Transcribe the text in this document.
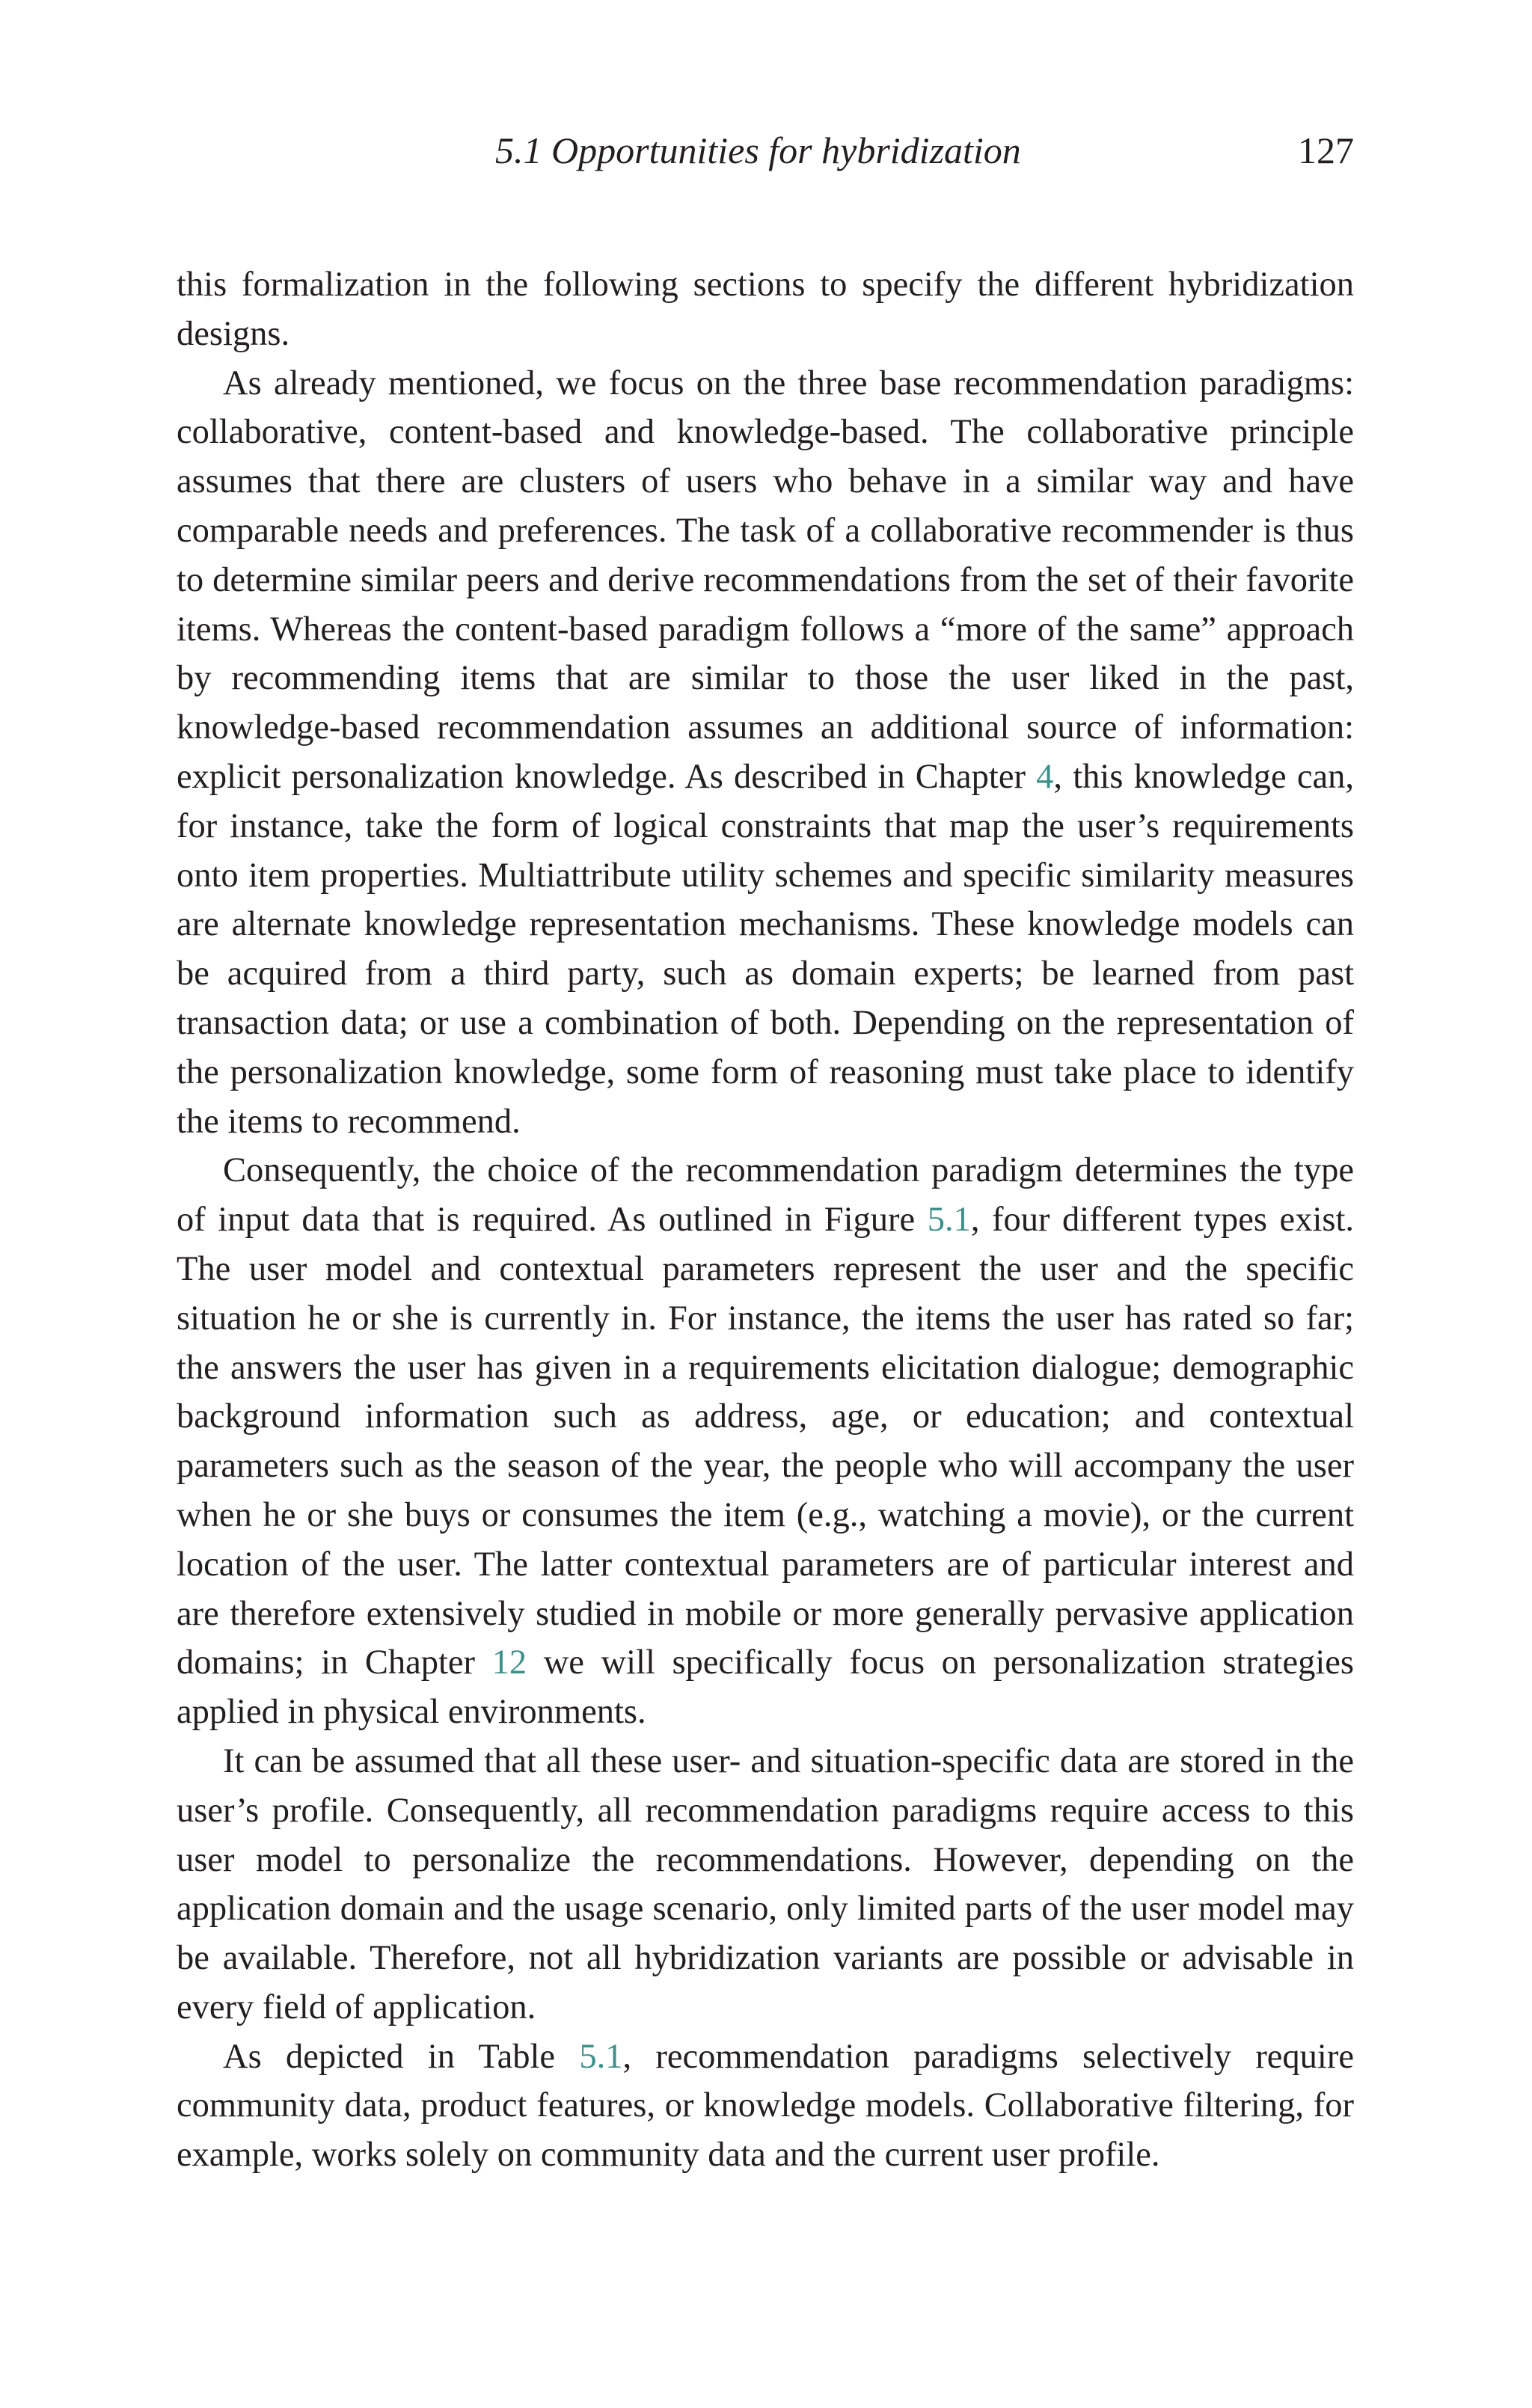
5.1 Opportunities for hybridization	127

this formalization in the following sections to specify the different hybridization designs.

As already mentioned, we focus on the three base recommendation paradigms: collaborative, content-based and knowledge-based. The collaborative principle assumes that there are clusters of users who behave in a similar way and have comparable needs and preferences. The task of a collaborative recommender is thus to determine similar peers and derive recommendations from the set of their favorite items. Whereas the content-based paradigm follows a “more of the same” approach by recommending items that are similar to those the user liked in the past, knowledge-based recommendation assumes an additional source of information: explicit personalization knowledge. As described in Chapter 4, this knowledge can, for instance, take the form of logical constraints that map the user’s requirements onto item properties. Multiattribute utility schemes and specific similarity measures are alternate knowledge representation mechanisms. These knowledge models can be acquired from a third party, such as domain experts; be learned from past transaction data; or use a combination of both. Depending on the representation of the personalization knowledge, some form of reasoning must take place to identify the items to recommend.

Consequently, the choice of the recommendation paradigm determines the type of input data that is required. As outlined in Figure 5.1, four different types exist. The user model and contextual parameters represent the user and the specific situation he or she is currently in. For instance, the items the user has rated so far; the answers the user has given in a requirements elicitation dialogue; demographic background information such as address, age, or education; and contextual parameters such as the season of the year, the people who will accompany the user when he or she buys or consumes the item (e.g., watching a movie), or the current location of the user. The latter contextual parameters are of particular interest and are therefore extensively studied in mobile or more generally pervasive application domains; in Chapter 12 we will specifically focus on personalization strategies applied in physical environments.

It can be assumed that all these user- and situation-specific data are stored in the user’s profile. Consequently, all recommendation paradigms require access to this user model to personalize the recommendations. However, depending on the application domain and the usage scenario, only limited parts of the user model may be available. Therefore, not all hybridization variants are possible or advisable in every field of application.

As depicted in Table 5.1, recommendation paradigms selectively require community data, product features, or knowledge models. Collaborative filtering, for example, works solely on community data and the current user profile.
